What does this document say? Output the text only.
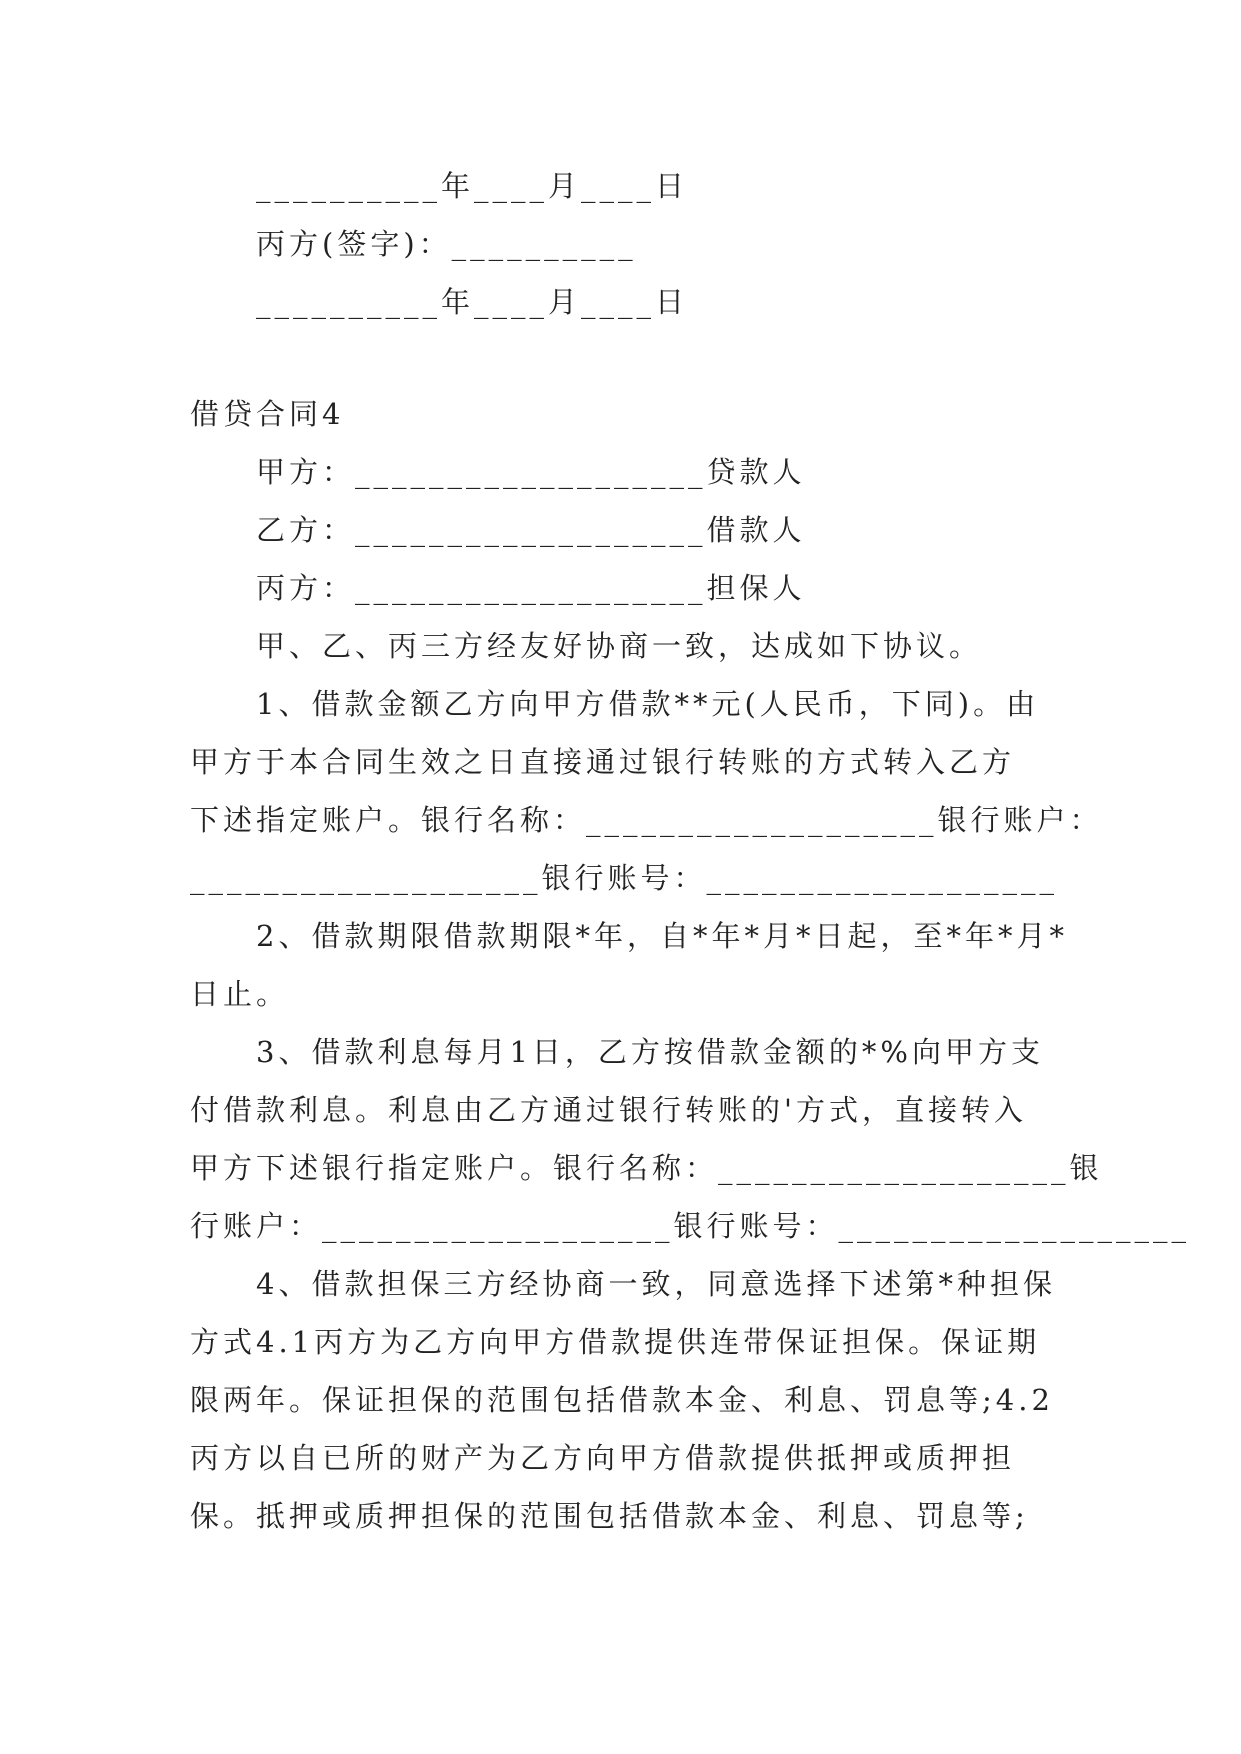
__________年____月____日
丙方(签字)：__________
__________年____月____日
借贷合同4
甲方：___________________贷款人
乙方：___________________借款人
丙方：___________________担保人
甲、乙、丙三方经友好协商一致，达成如下协议。
1、借款金额乙方向甲方借款**元(人民币，下同)。由
甲方于本合同生效之日直接通过银行转账的方式转入乙方
下述指定账户。银行名称：___________________银行账户：
___________________银行账号：___________________
2、借款期限借款期限*年，自*年*月*日起，至*年*月*
日止。
3、借款利息每月1日，乙方按借款金额的*%向甲方支
付借款利息。利息由乙方通过银行转账的'方式，直接转入
甲方下述银行指定账户。银行名称：___________________银
行账户：___________________银行账号：___________________
4、借款担保三方经协商一致，同意选择下述第*种担保
方式4.1丙方为乙方向甲方借款提供连带保证担保。保证期
限两年。保证担保的范围包括借款本金、利息、罚息等;4.2
丙方以自已所的财产为乙方向甲方借款提供抵押或质押担
保。抵押或质押担保的范围包括借款本金、利息、罚息等;
